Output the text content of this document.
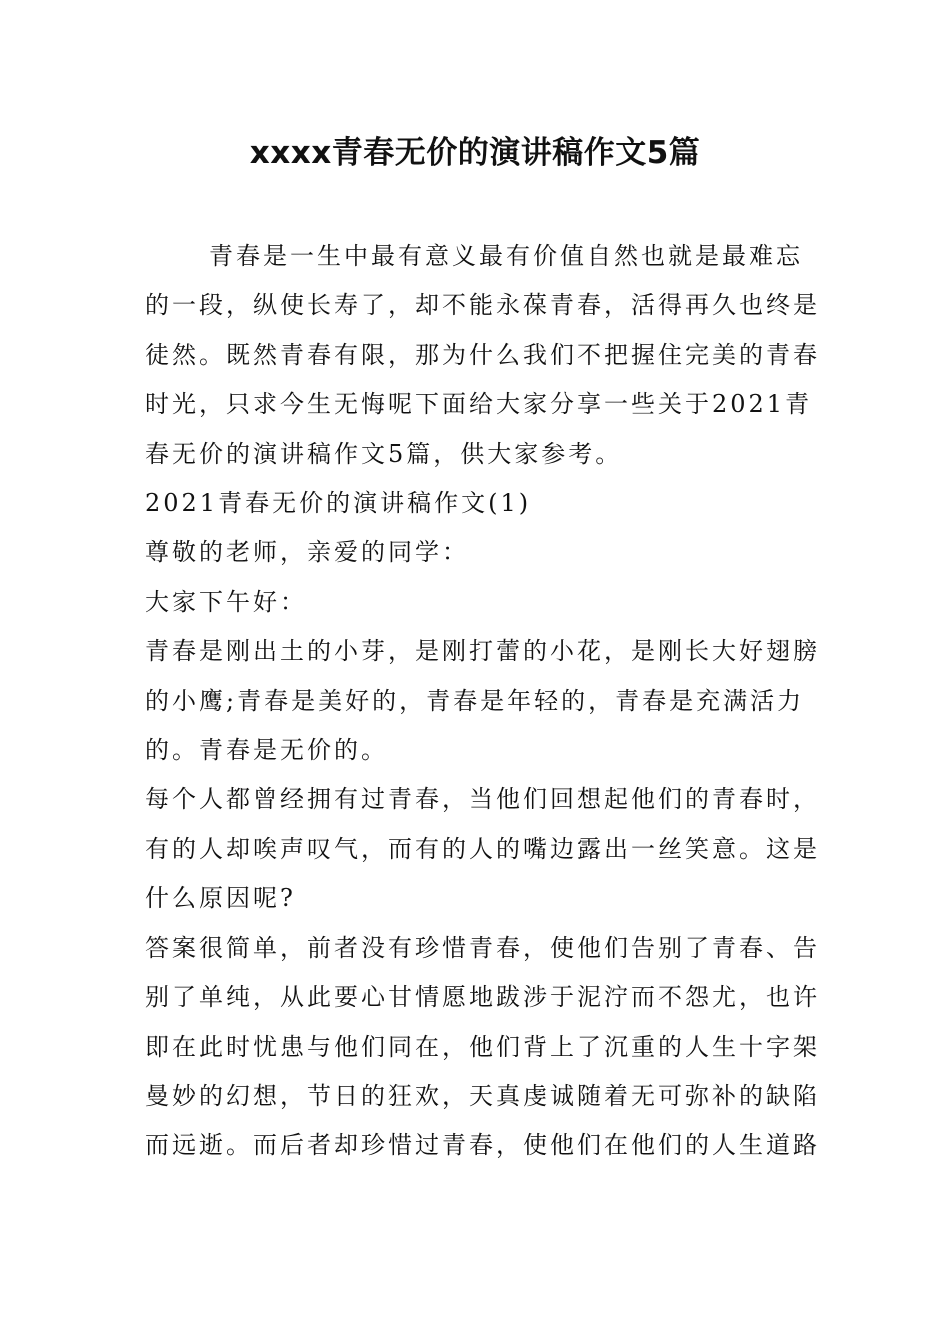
xxxx青春无价的演讲稿作文5篇

青春是一生中最有意义最有价值自然也就是最难忘的一段，纵使长寿了，却不能永葆青春，活得再久也终是徒然。既然青春有限，那为什么我们不把握住完美的青春时光，只求今生无悔呢下面给大家分享一些关于2021青春无价的演讲稿作文5篇，供大家参考。

2021青春无价的演讲稿作文(1)

尊敬的老师，亲爱的同学：

大家下午好：

青春是刚出土的小芽，是刚打蕾的小花，是刚长大好翅膀的小鹰;青春是美好的，青春是年轻的，青春是充满活力的。青春是无价的。

每个人都曾经拥有过青春，当他们回想起他们的青春时，有的人却唉声叹气，而有的人的嘴边露出一丝笑意。这是什么原因呢?

答案很简单，前者没有珍惜青春，使他们告别了青春、告别了单纯，从此要心甘情愿地跋涉于泥泞而不怨尤，也许即在此时忧患与他们同在，他们背上了沉重的人生十字架曼妙的幻想，节日的狂欢，天真虔诚随着无可弥补的缺陷而远逝。而后者却珍惜过青春，使他们在他们的人生道路
